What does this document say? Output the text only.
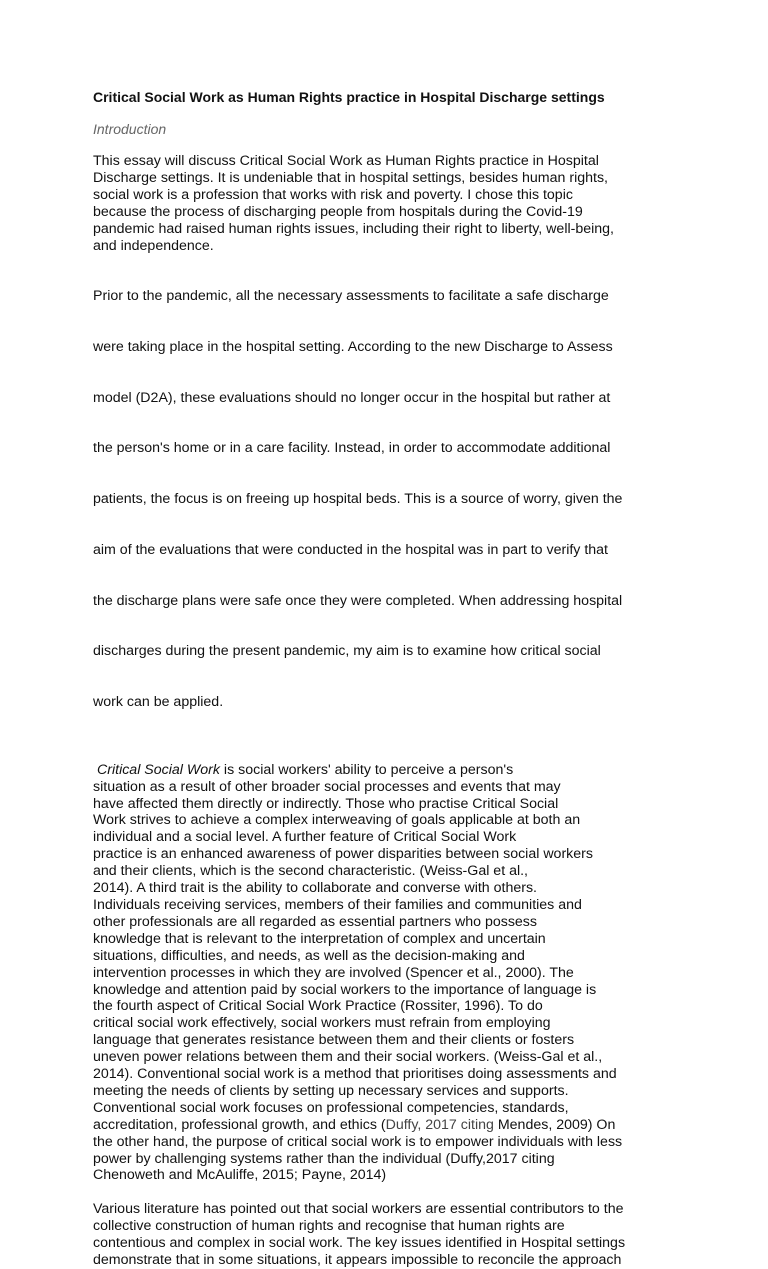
Critical Social Work as Human Rights practice in Hospital Discharge settings
Introduction

This essay will discuss Critical Social Work as Human Rights practice in Hospital
Discharge settings. It is undeniable that in hospital settings, besides human rights,
social work is a profession that works with risk and poverty. I chose this topic
because the process of discharging people from hospitals during the Covid-19
pandemic had raised human rights issues, including their right to liberty, well-being,
and independence.

Prior to the pandemic, all the necessary assessments to facilitate a safe discharge

were taking place in the hospital setting. According to the new Discharge to Assess

model (D2A), these evaluations should no longer occur in the hospital but rather at

the person's home or in a care facility. Instead, in order to accommodate additional

patients, the focus is on freeing up hospital beds. This is a source of worry, given the

aim of the evaluations that were conducted in the hospital was in part to verify that

the discharge plans were safe once they were completed. When addressing hospital

discharges during the present pandemic, my aim is to examine how critical social

work can be applied.

Critical Social Work is social workers' ability to perceive a person's
situation as a result of other broader social processes and events that may
have affected them directly or indirectly. Those who practise Critical Social
Work strives to achieve a complex interweaving of goals applicable at both an
individual and a social level. A further feature of Critical Social Work
practice is an enhanced awareness of power disparities between social workers
and their clients, which is the second characteristic. (Weiss-Gal et al.,
2014). A third trait is the ability to collaborate and converse with others.
Individuals receiving services, members of their families and communities and
other professionals are all regarded as essential partners who possess
knowledge that is relevant to the interpretation of complex and uncertain
situations, difficulties, and needs, as well as the decision-making and
intervention processes in which they are involved (Spencer et al., 2000). The
knowledge and attention paid by social workers to the importance of language is
the fourth aspect of Critical Social Work Practice (Rossiter, 1996). To do
critical social work effectively, social workers must refrain from employing
language that generates resistance between them and their clients or fosters
uneven power relations between them and their social workers. (Weiss-Gal et al.,
2014). Conventional social work is a method that prioritises doing assessments and
meeting the needs of clients by setting up necessary services and supports.
Conventional social work focuses on professional competencies, standards,
accreditation, professional growth, and ethics (Duffy, 2017 citing Mendes, 2009) On
the other hand, the purpose of critical social work is to empower individuals with less
power by challenging systems rather than the individual (Duffy,2017 citing
Chenoweth and McAuliffe, 2015; Payne, 2014)

Various literature has pointed out that social workers are essential contributors to the
collective construction of human rights and recognise that human rights are
contentious and complex in social work. The key issues identified in Hospital settings
demonstrate that in some situations, it appears impossible to reconcile the approach
